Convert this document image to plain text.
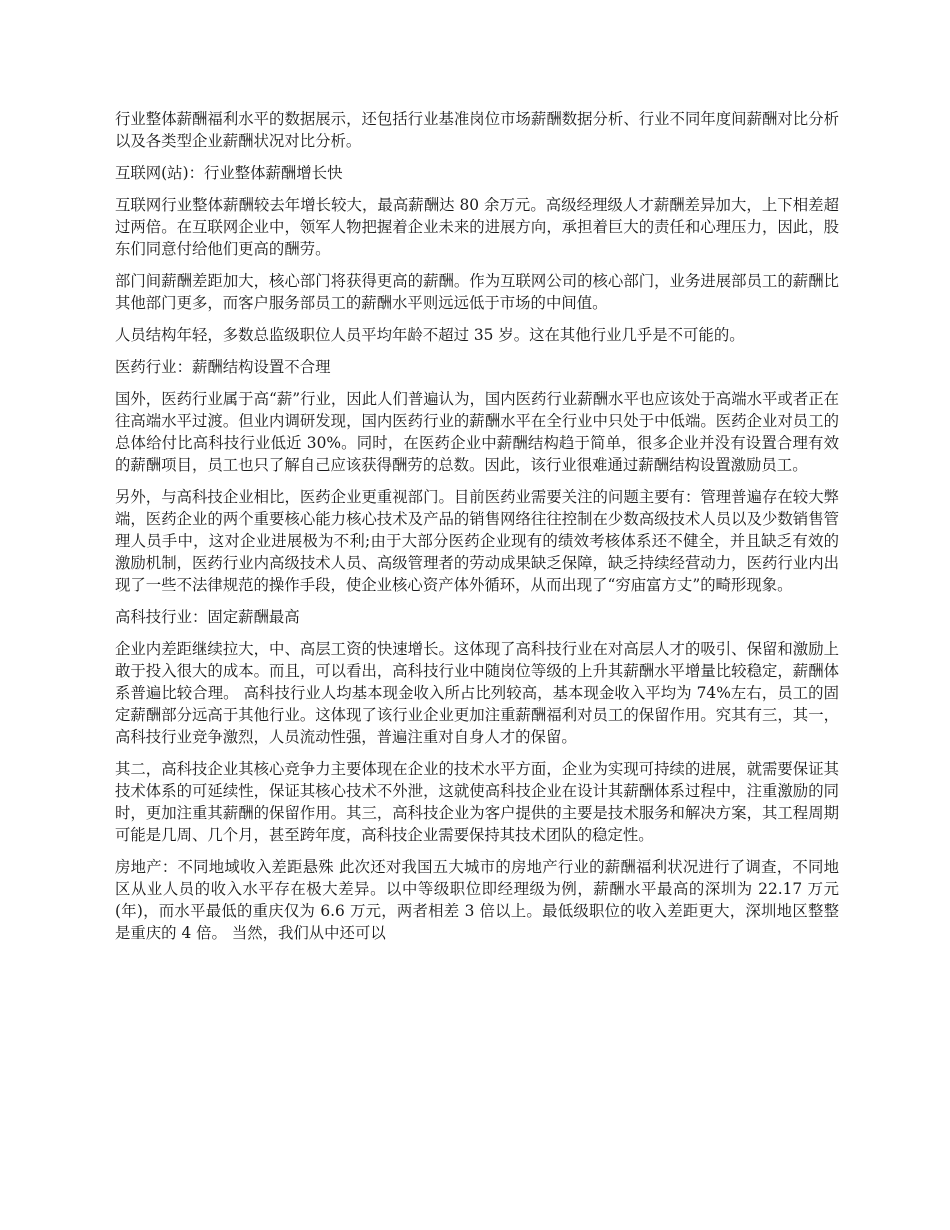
行业整体薪酬福利水平的数据展示，还包括行业基准岗位市场薪酬数据分析、行业不同年度间薪酬对比分析以及各类型企业薪酬状况对比分析。

互联网(站)：行业整体薪酬增长快

互联网行业整体薪酬较去年增长较大，最高薪酬达 80 余万元。高级经理级人才薪酬差异加大，上下相差超过两倍。在互联网企业中，领军人物把握着企业未来的进展方向，承担着巨大的责任和心理压力，因此，股东们同意付给他们更高的酬劳。

部门间薪酬差距加大，核心部门将获得更高的薪酬。作为互联网公司的核心部门，业务进展部员工的薪酬比其他部门更多，而客户服务部员工的薪酬水平则远远低于市场的中间值。

人员结构年轻，多数总监级职位人员平均年龄不超过 35 岁。这在其他行业几乎是不可能的。

医药行业：薪酬结构设置不合理

国外，医药行业属于高“薪”行业，因此人们普遍认为，国内医药行业薪酬水平也应该处于高端水平或者正在往高端水平过渡。但业内调研发现，国内医药行业的薪酬水平在全行业中只处于中低端。医药企业对员工的总体给付比高科技行业低近 30%。同时，在医药企业中薪酬结构趋于简单，很多企业并没有设置合理有效的薪酬项目，员工也只了解自己应该获得酬劳的总数。因此，该行业很难通过薪酬结构设置激励员工。

另外，与高科技企业相比，医药企业更重视部门。目前医药业需要关注的问题主要有：管理普遍存在较大弊端，医药企业的两个重要核心能力核心技术及产品的销售网络往往控制在少数高级技术人员以及少数销售管理人员手中，这对企业进展极为不利;由于大部分医药企业现有的绩效考核体系还不健全，并且缺乏有效的激励机制，医药行业内高级技术人员、高级管理者的劳动成果缺乏保障，缺乏持续经营动力，医药行业内出现了一些不法律规范的操作手段，使企业核心资产体外循环，从而出现了“穷庙富方丈”的畸形现象。

高科技行业：固定薪酬最高

企业内差距继续拉大，中、高层工资的快速增长。这体现了高科技行业在对高层人才的吸引、保留和激励上敢于投入很大的成本。而且，可以看出，高科技行业中随岗位等级的上升其薪酬水平增量比较稳定，薪酬体系普遍比较合理。 高科技行业人均基本现金收入所占比列较高，基本现金收入平均为 74%左右，员工的固定薪酬部分远高于其他行业。这体现了该行业企业更加注重薪酬福利对员工的保留作用。究其有三，其一，高科技行业竞争激烈，人员流动性强，普遍注重对自身人才的保留。

其二，高科技企业其核心竞争力主要体现在企业的技术水平方面，企业为实现可持续的进展，就需要保证其技术体系的可延续性，保证其核心技术不外泄，这就使高科技企业在设计其薪酬体系过程中，注重激励的同时，更加注重其薪酬的保留作用。其三，高科技企业为客户提供的主要是技术服务和解决方案，其工程周期可能是几周、几个月，甚至跨年度，高科技企业需要保持其技术团队的稳定性。

房地产：不同地域收入差距悬殊 此次还对我国五大城市的房地产行业的薪酬福利状况进行了调查，不同地区从业人员的收入水平存在极大差异。以中等级职位即经理级为例，薪酬水平最高的深圳为 22.17 万元(年)，而水平最低的重庆仅为 6.6 万元，两者相差 3 倍以上。最低级职位的收入差距更大，深圳地区整整是重庆的 4 倍。 当然，我们从中还可以
